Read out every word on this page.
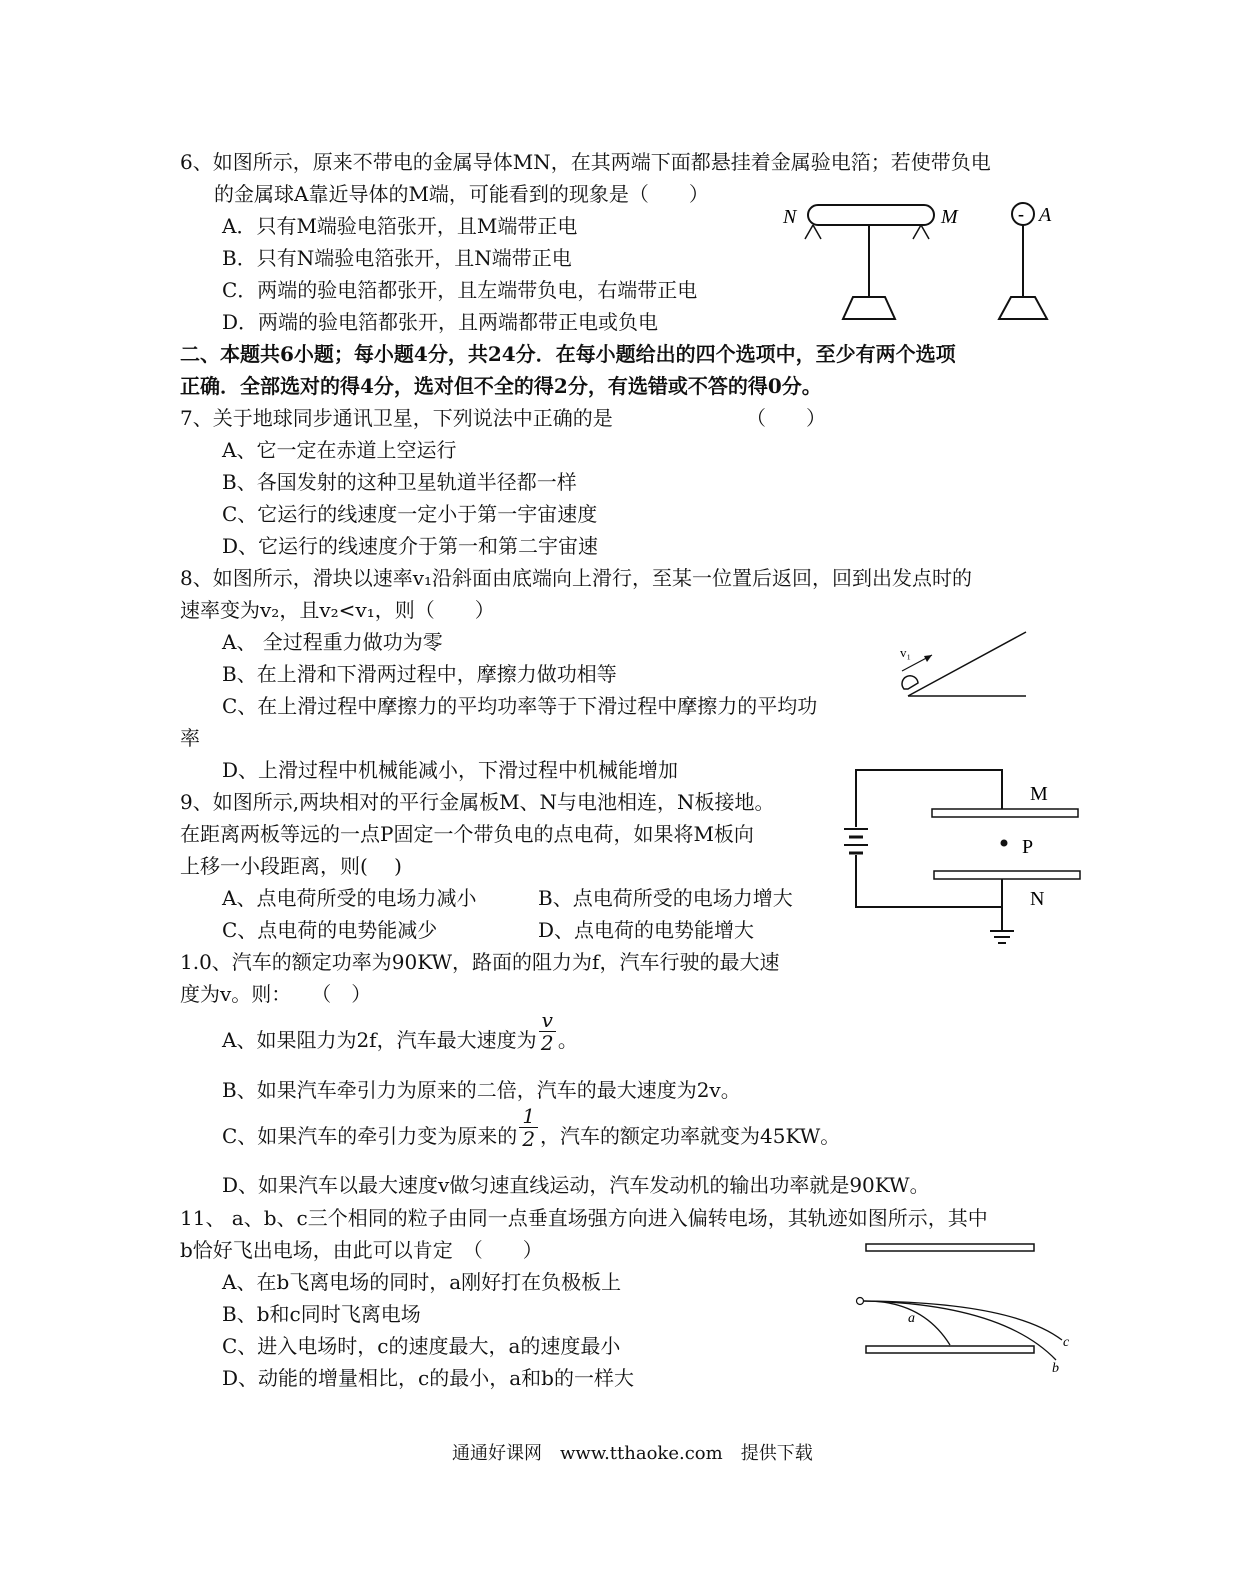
6、如图所示，原来不带电的金属导体MN，在其两端下面都悬挂着金属验电箔；若使带负电
的金属球A靠近导体的M端，可能看到的现象是（　　）
A．只有M端验电箔张开，且M端带正电
B．只有N端验电箔张开，且N端带正电
C．两端的验电箔都张开，且左端带负电，右端带正电
D．两端的验电箔都张开，且两端都带正电或负电
N	M	- A
二、本题共6小题；每小题4分，共24分．在每小题给出的四个选项中，至少有两个选项
正确．全部选对的得4分，选对但不全的得2分，有选错或不答的得0分。
7、关于地球同步通讯卫星，下列说法中正确的是	（　　）
A、它一定在赤道上空运行
B、各国发射的这种卫星轨道半径都一样
C、它运行的线速度一定小于第一宇宙速度
D、它运行的线速度介于第一和第二宇宙速
8、如图所示，滑块以速率v₁沿斜面由底端向上滑行，至某一位置后返回，回到出发点时的
速率变为v₂，且v₂<v₁，则（　　）
A、 全过程重力做功为零
B、在上滑和下滑两过程中，摩擦力做功相等
C、在上滑过程中摩擦力的平均功率等于下滑过程中摩擦力的平均功
率
D、上滑过程中机械能减小，下滑过程中机械能增加
v₁
9、如图所示,两块相对的平行金属板M、N与电池相连，N板接地。
在距离两板等远的一点P固定一个带负电的点电荷，如果将M板向
上移一小段距离，则(　 )
A、点电荷所受的电场力减小	B、点电荷所受的电场力增大
C、点电荷的电势能减少	D、点电荷的电势能增大
M
P
N
1.0、汽车的额定功率为90KW，路面的阻力为f，汽车行驶的最大速
度为v。则：　　（　）
A、如果阻力为2f，汽车最大速度为 $\frac{v}{2}$ 。
B、如果汽车牵引力为原来的二倍，汽车的最大速度为2v。
C、如果汽车的牵引力变为原来的 $\frac{1}{2}$ ，汽车的额定功率就变为45KW。
D、如果汽车以最大速度v做匀速直线运动，汽车发动机的输出功率就是90KW。
11、 a、b、c三个相同的粒子由同一点垂直场强方向进入偏转电场，其轨迹如图所示，其中
b恰好飞出电场，由此可以肯定　（　　）
A、在b飞离电场的同时，a刚好打在负极板上
B、b和c同时飞离电场
C、进入电场时，c的速度最大，a的速度最小
D、动能的增量相比，c的最小，a和b的一样大
a
b
c
通通好课网　www.tthaoke.com　提供下载
